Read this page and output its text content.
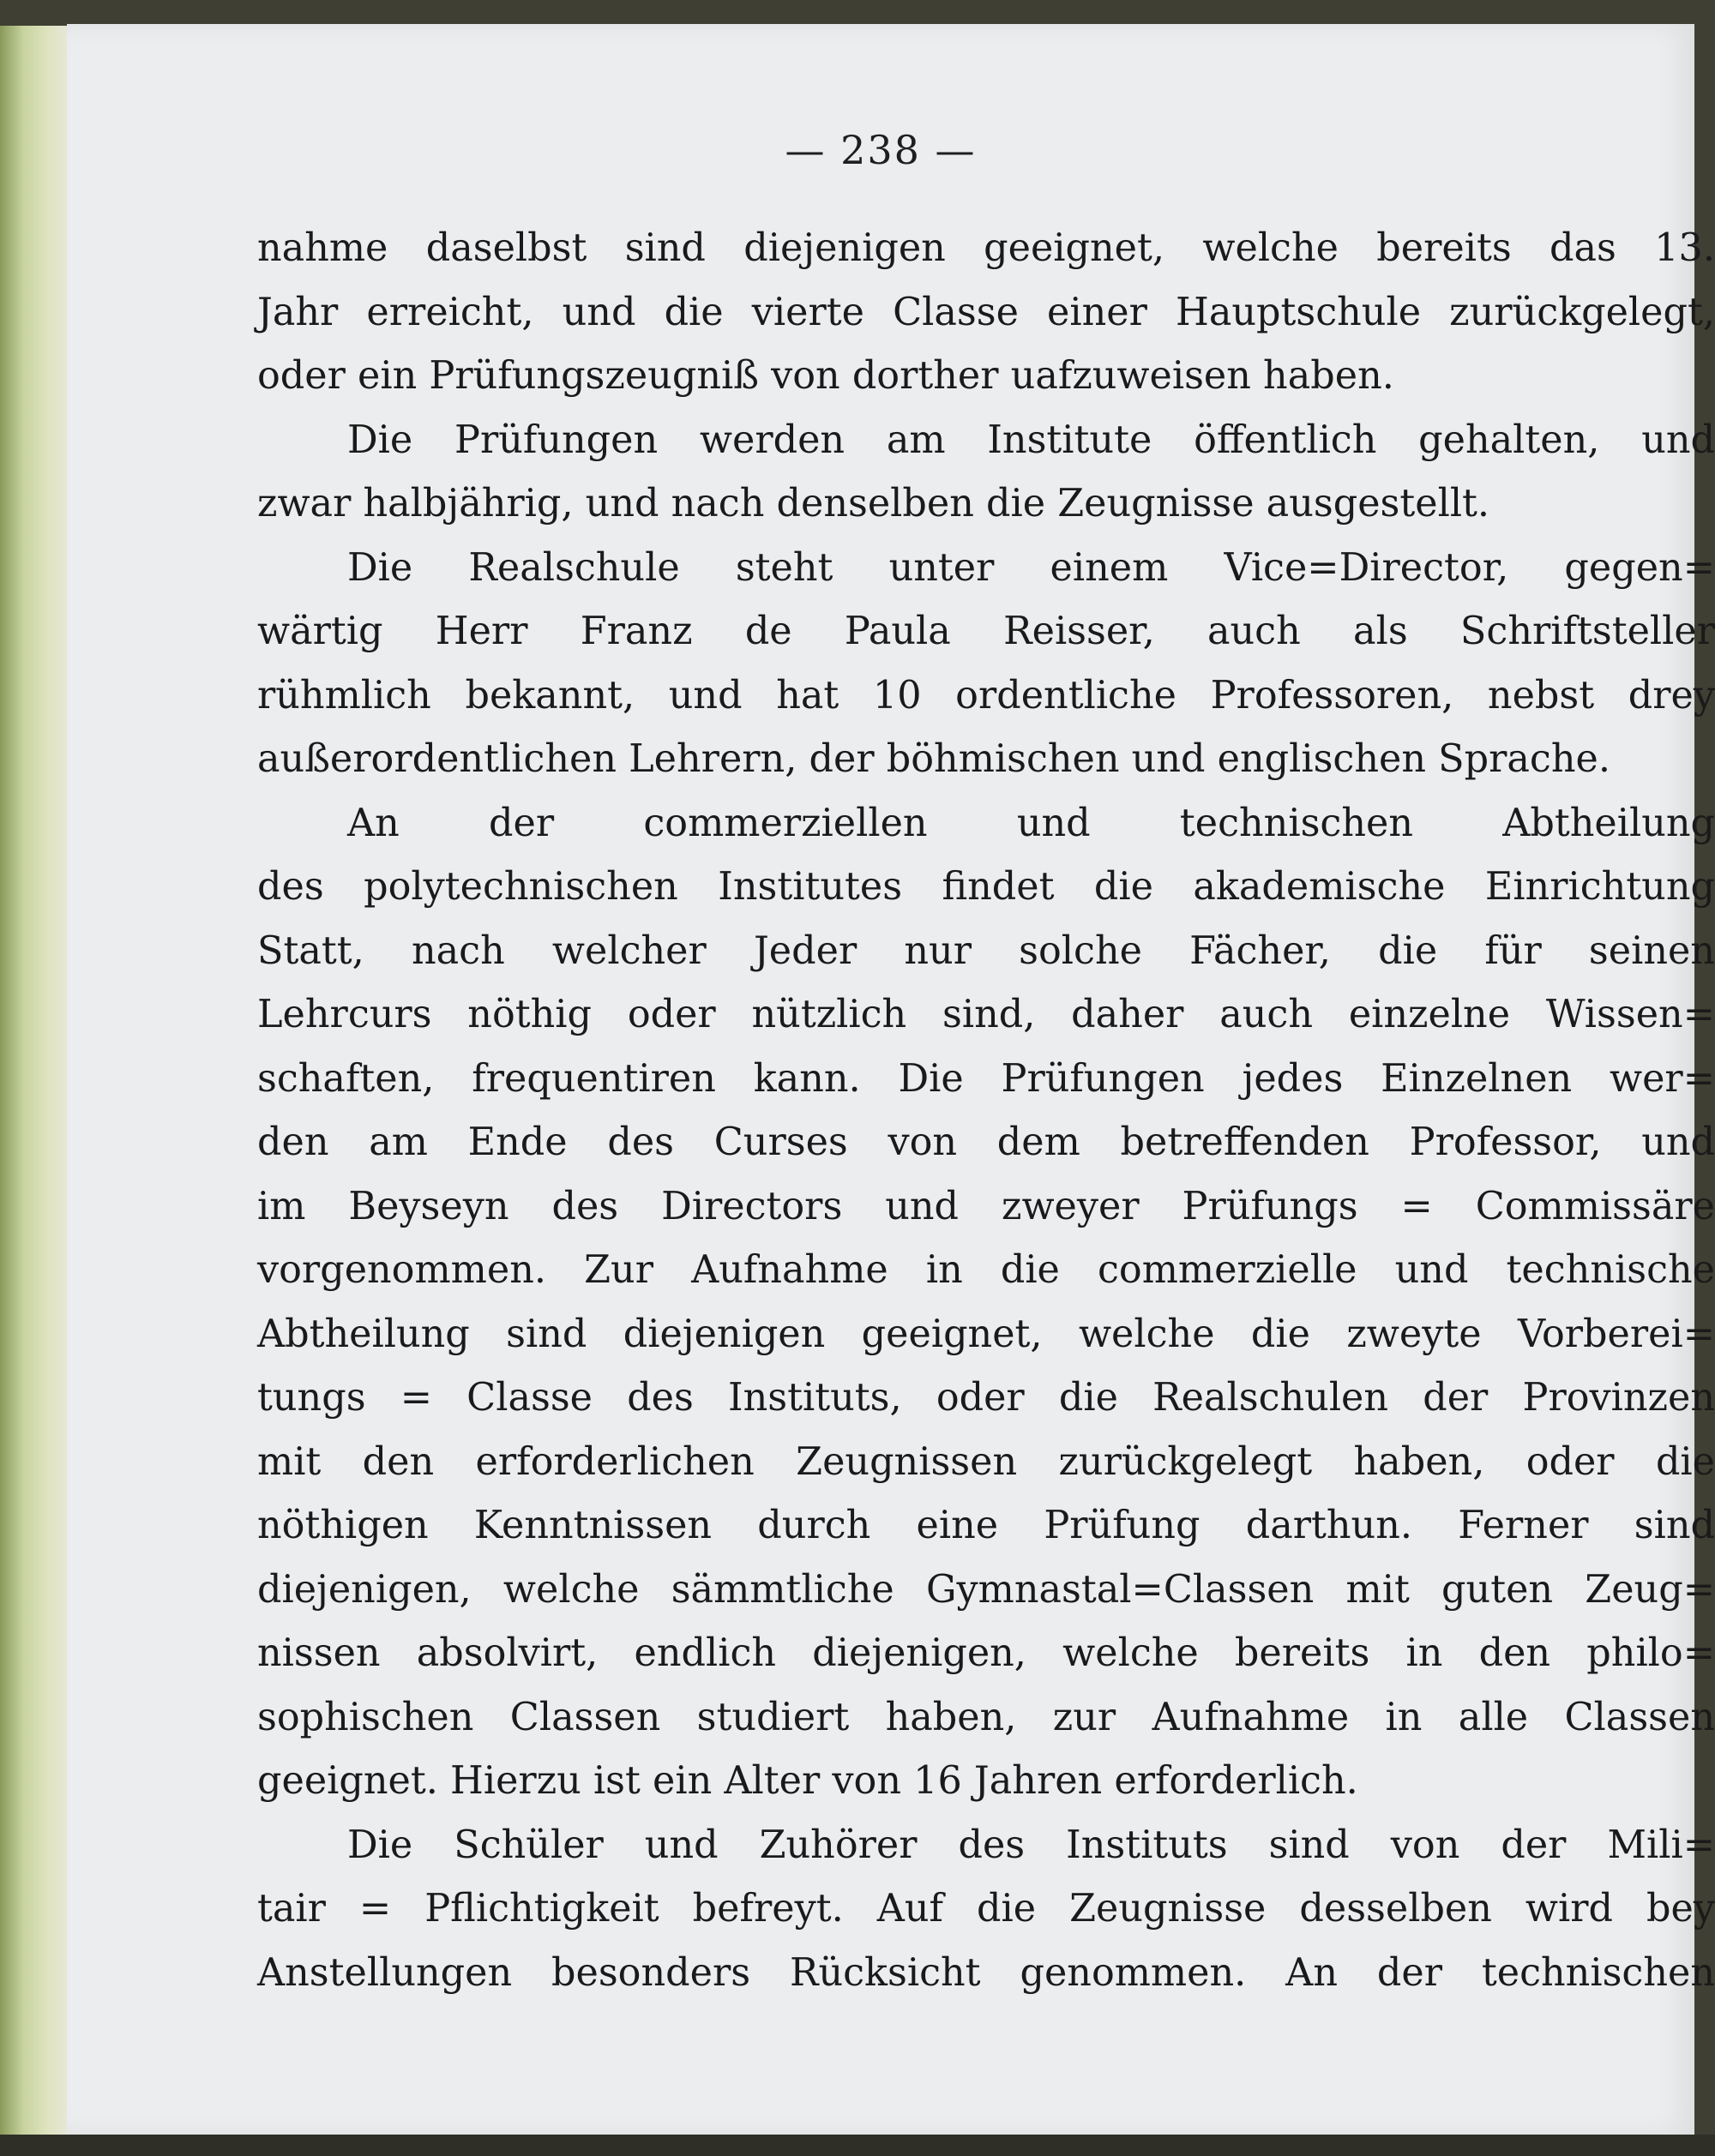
— 238 —
nahme daselbst sind diejenigen geeignet, welche bereits das 13.
Jahr erreicht, und die vierte Classe einer Hauptschule zurückgelegt,
oder ein Prüfungszeugniß von dorther uafzuweisen haben.
Die Prüfungen werden am Institute öffentlich gehalten, und
zwar halbjährig, und nach denselben die Zeugnisse ausgestellt.
Die Realschule steht unter einem Vice=Director, gegen=
wärtig Herr Franz de Paula Reisser, auch als Schriftsteller
rühmlich bekannt, und hat 10 ordentliche Professoren, nebst drey
außerordentlichen Lehrern, der böhmischen und englischen Sprache.
An der commerziellen und technischen Abtheilung
des polytechnischen Institutes findet die akademische Einrichtung
Statt, nach welcher Jeder nur solche Fächer, die für seinen
Lehrcurs nöthig oder nützlich sind, daher auch einzelne Wissen=
schaften, frequentiren kann. Die Prüfungen jedes Einzelnen wer=
den am Ende des Curses von dem betreffenden Professor, und
im Beyseyn des Directors und zweyer Prüfungs = Commissäre
vorgenommen. Zur Aufnahme in die commerzielle und technische
Abtheilung sind diejenigen geeignet, welche die zweyte Vorberei=
tungs = Classe des Instituts, oder die Realschulen der Provinzen
mit den erforderlichen Zeugnissen zurückgelegt haben, oder die
nöthigen Kenntnissen durch eine Prüfung darthun. Ferner sind
diejenigen, welche sämmtliche Gymnastal=Classen mit guten Zeug=
nissen absolvirt, endlich diejenigen, welche bereits in den philo=
sophischen Classen studiert haben, zur Aufnahme in alle Classen
geeignet. Hierzu ist ein Alter von 16 Jahren erforderlich.
Die Schüler und Zuhörer des Instituts sind von der Mili=
tair = Pflichtigkeit befreyt. Auf die Zeugnisse desselben wird bey
Anstellungen besonders Rücksicht genommen. An der technischen
